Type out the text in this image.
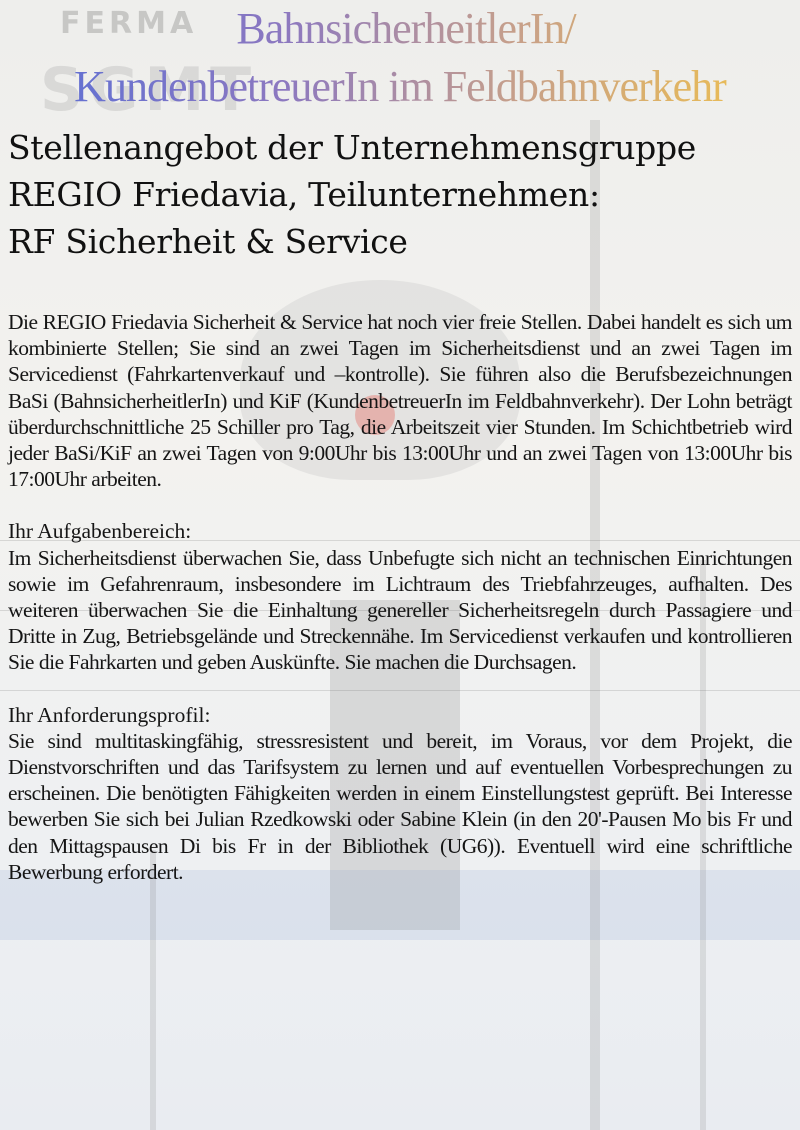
BahnsicherheitlerIn/
KundenbetreuerIn im Feldbahnverkehr
Stellenangebot der Unternehmensgruppe
REGIO Friedavia, Teilunternehmen:
RF Sicherheit & Service

Die REGIO Friedavia Sicherheit & Service hat noch vier freie Stellen. Dabei handelt es sich um kombinierte Stellen; Sie sind an zwei Tagen im Sicherheitsdienst und an zwei Tagen im Servicedienst (Fahrkartenverkauf und –kontrolle). Sie führen also die Berufsbezeichnungen BaSi (BahnsicherheitlerIn) und KiF (KundenbetreuerIn im Feldbahnverkehr). Der Lohn beträgt überdurchschnittliche 25 Schiller pro Tag, die Arbeitszeit vier Stunden. Im Schichtbetrieb wird jeder BaSi/KiF an zwei Tagen von 9:00Uhr bis 13:00Uhr und an zwei Tagen von 13:00Uhr bis 17:00Uhr arbeiten.

Ihr Aufgabenbereich:

Im Sicherheitsdienst überwachen Sie, dass Unbefugte sich nicht an technischen Einrichtungen sowie im Gefahrenraum, insbesondere im Lichtraum des Triebfahrzeuges, aufhalten. Des weiteren überwachen Sie die Einhaltung genereller Sicherheitsregeln durch Passagiere und Dritte in Zug, Betriebsgelände und Streckennähe. Im Servicedienst verkaufen und kontrollieren Sie die Fahrkarten und geben Auskünfte. Sie machen die Durchsagen.

Ihr Anforderungsprofil:

Sie sind multitaskingfähig, stressresistent und bereit, im Voraus, vor dem Projekt, die Dienstvorschriften und das Tarifsystem zu lernen und auf eventuellen Vorbesprechungen zu erscheinen. Die benötigten Fähigkeiten werden in einem Einstellungstest geprüft. Bei Interesse bewerben Sie sich bei Julian Rzedkowski oder Sabine Klein (in den 20'-Pausen Mo bis Fr und den Mittagspausen Di bis Fr in der Bibliothek (UG6)). Eventuell wird eine schriftliche Bewerbung erfordert.
